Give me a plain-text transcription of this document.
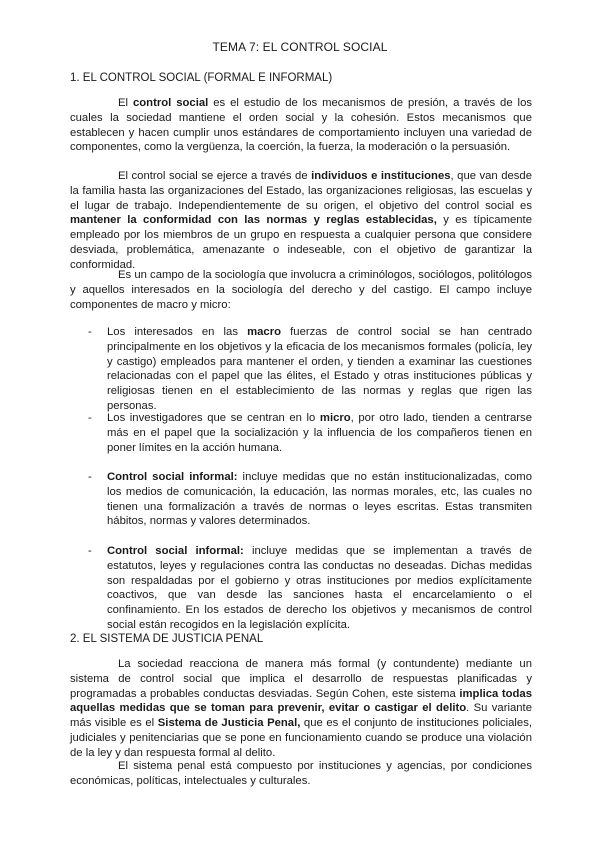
TEMA 7: EL CONTROL SOCIAL
1. EL CONTROL SOCIAL (FORMAL E INFORMAL)

El control social es el estudio de los mecanismos de presión, a través de los cuales la sociedad mantiene el orden social y la cohesión. Estos mecanismos que establecen y hacen cumplir unos estándares de comportamiento incluyen una variedad de componentes, como la vergüenza, la coerción, la fuerza, la moderación o la persuasión.

El control social se ejerce a través de individuos e instituciones, que van desde la familia hasta las organizaciones del Estado, las organizaciones religiosas, las escuelas y el lugar de trabajo. Independientemente de su origen, el objetivo del control social es mantener la conformidad con las normas y reglas establecidas, y es típicamente empleado por los miembros de un grupo en respuesta a cualquier persona que considere desviada, problemática, amenazante o indeseable, con el objetivo de garantizar la conformidad.

Es un campo de la sociología que involucra a criminólogos, sociólogos, politólogos y aquellos interesados en la sociología del derecho y del castigo. El campo incluye componentes de macro y micro:

- Los interesados en las macro fuerzas de control social se han centrado principalmente en los objetivos y la eficacia de los mecanismos formales (policía, ley y castigo) empleados para mantener el orden, y tienden a examinar las cuestiones relacionadas con el papel que las élites, el Estado y otras instituciones públicas y religiosas tienen en el establecimiento de las normas y reglas que rigen las personas.
- Los investigadores que se centran en lo micro, por otro lado, tienden a centrarse más en el papel que la socialización y la influencia de los compañeros tienen en poner límites en la acción humana.
- Control social informal: incluye medidas que no están institucionalizadas, como los medios de comunicación, la educación, las normas morales, etc, las cuales no tienen una formalización a través de normas o leyes escritas. Estas transmiten hábitos, normas y valores determinados.
- Control social informal: incluye medidas que se implementan a través de estatutos, leyes y regulaciones contra las conductas no deseadas. Dichas medidas son respaldadas por el gobierno y otras instituciones por medios explícitamente coactivos, que van desde las sanciones hasta el encarcelamiento o el confinamiento. En los estados de derecho los objetivos y mecanismos de control social están recogidos en la legislación explícita.
2. EL SISTEMA DE JUSTICIA PENAL

La sociedad reacciona de manera más formal (y contundente) mediante un sistema de control social que implica el desarrollo de respuestas planificadas y programadas a probables conductas desviadas. Según Cohen, este sistema implica todas aquellas medidas que se toman para prevenir, evitar o castigar el delito. Su variante más visible es el Sistema de Justicia Penal, que es el conjunto de instituciones policiales, judiciales y penitenciarias que se pone en funcionamiento cuando se produce una violación de la ley y dan respuesta formal al delito.

El sistema penal está compuesto por instituciones y agencias, por condiciones económicas, políticas, intelectuales y culturales.
